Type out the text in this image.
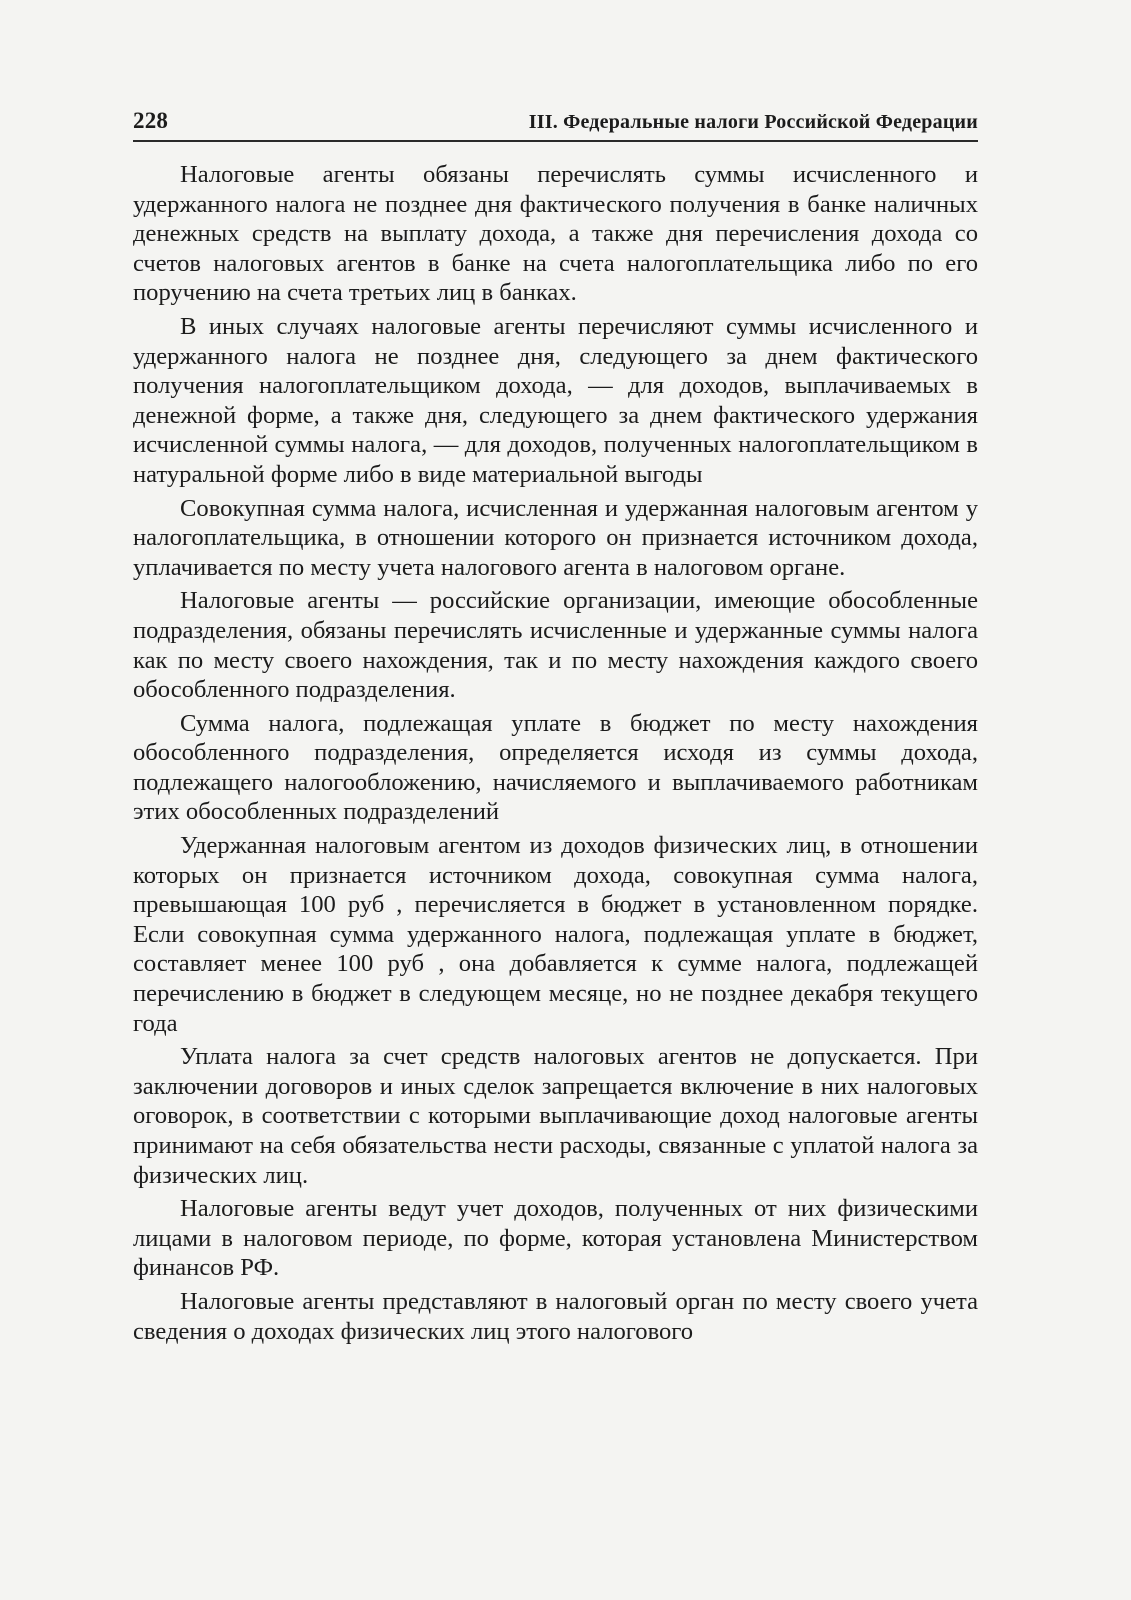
228	III. Федеральные налоги Российской Федерации

Налоговые агенты обязаны перечислять суммы исчисленного и удержанного налога не позднее дня фактического получения в банке наличных денежных средств на выплату дохода, а также дня перечисления дохода со счетов налоговых агентов в банке на счета налогоплательщика либо по его поручению на счета третьих лиц в банках.

В иных случаях налоговые агенты перечисляют суммы исчисленного и удержанного налога не позднее дня, следующего за днем фактического получения налогоплательщиком дохода, — для доходов, выплачиваемых в денежной форме, а также дня, следующего за днем фактического удержания исчисленной суммы налога, — для доходов, полученных налогоплательщиком в натуральной форме либо в виде материальной выгоды

Совокупная сумма налога, исчисленная и удержанная налоговым агентом у налогоплательщика, в отношении которого он признается источником дохода, уплачивается по месту учета налогового агента в налоговом органе.

Налоговые агенты — российские организации, имеющие обособленные подразделения, обязаны перечислять исчисленные и удержанные суммы налога как по месту своего нахождения, так и по месту нахождения каждого своего обособленного подразделения.

Сумма налога, подлежащая уплате в бюджет по месту нахождения обособленного подразделения, определяется исходя из суммы дохода, подлежащего налогообложению, начисляемого и выплачиваемого работникам этих обособленных подразделений

Удержанная налоговым агентом из доходов физических лиц, в отношении которых он признается источником дохода, совокупная сумма налога, превышающая 100 руб , перечисляется в бюджет в установленном порядке. Если совокупная сумма удержанного налога, подлежащая уплате в бюджет, составляет менее 100 руб , она добавляется к сумме налога, подлежащей перечислению в бюджет в следующем месяце, но не позднее декабря текущего года

Уплата налога за счет средств налоговых агентов не допускается. При заключении договоров и иных сделок запрещается включение в них налоговых оговорок, в соответствии с которыми выплачивающие доход налоговые агенты принимают на себя обязательства нести расходы, связанные с уплатой налога за физических лиц.

Налоговые агенты ведут учет доходов, полученных от них физическими лицами в налоговом периоде, по форме, которая установлена Министерством финансов РФ.

Налоговые агенты представляют в налоговый орган по месту своего учета сведения о доходах физических лиц этого налогового
